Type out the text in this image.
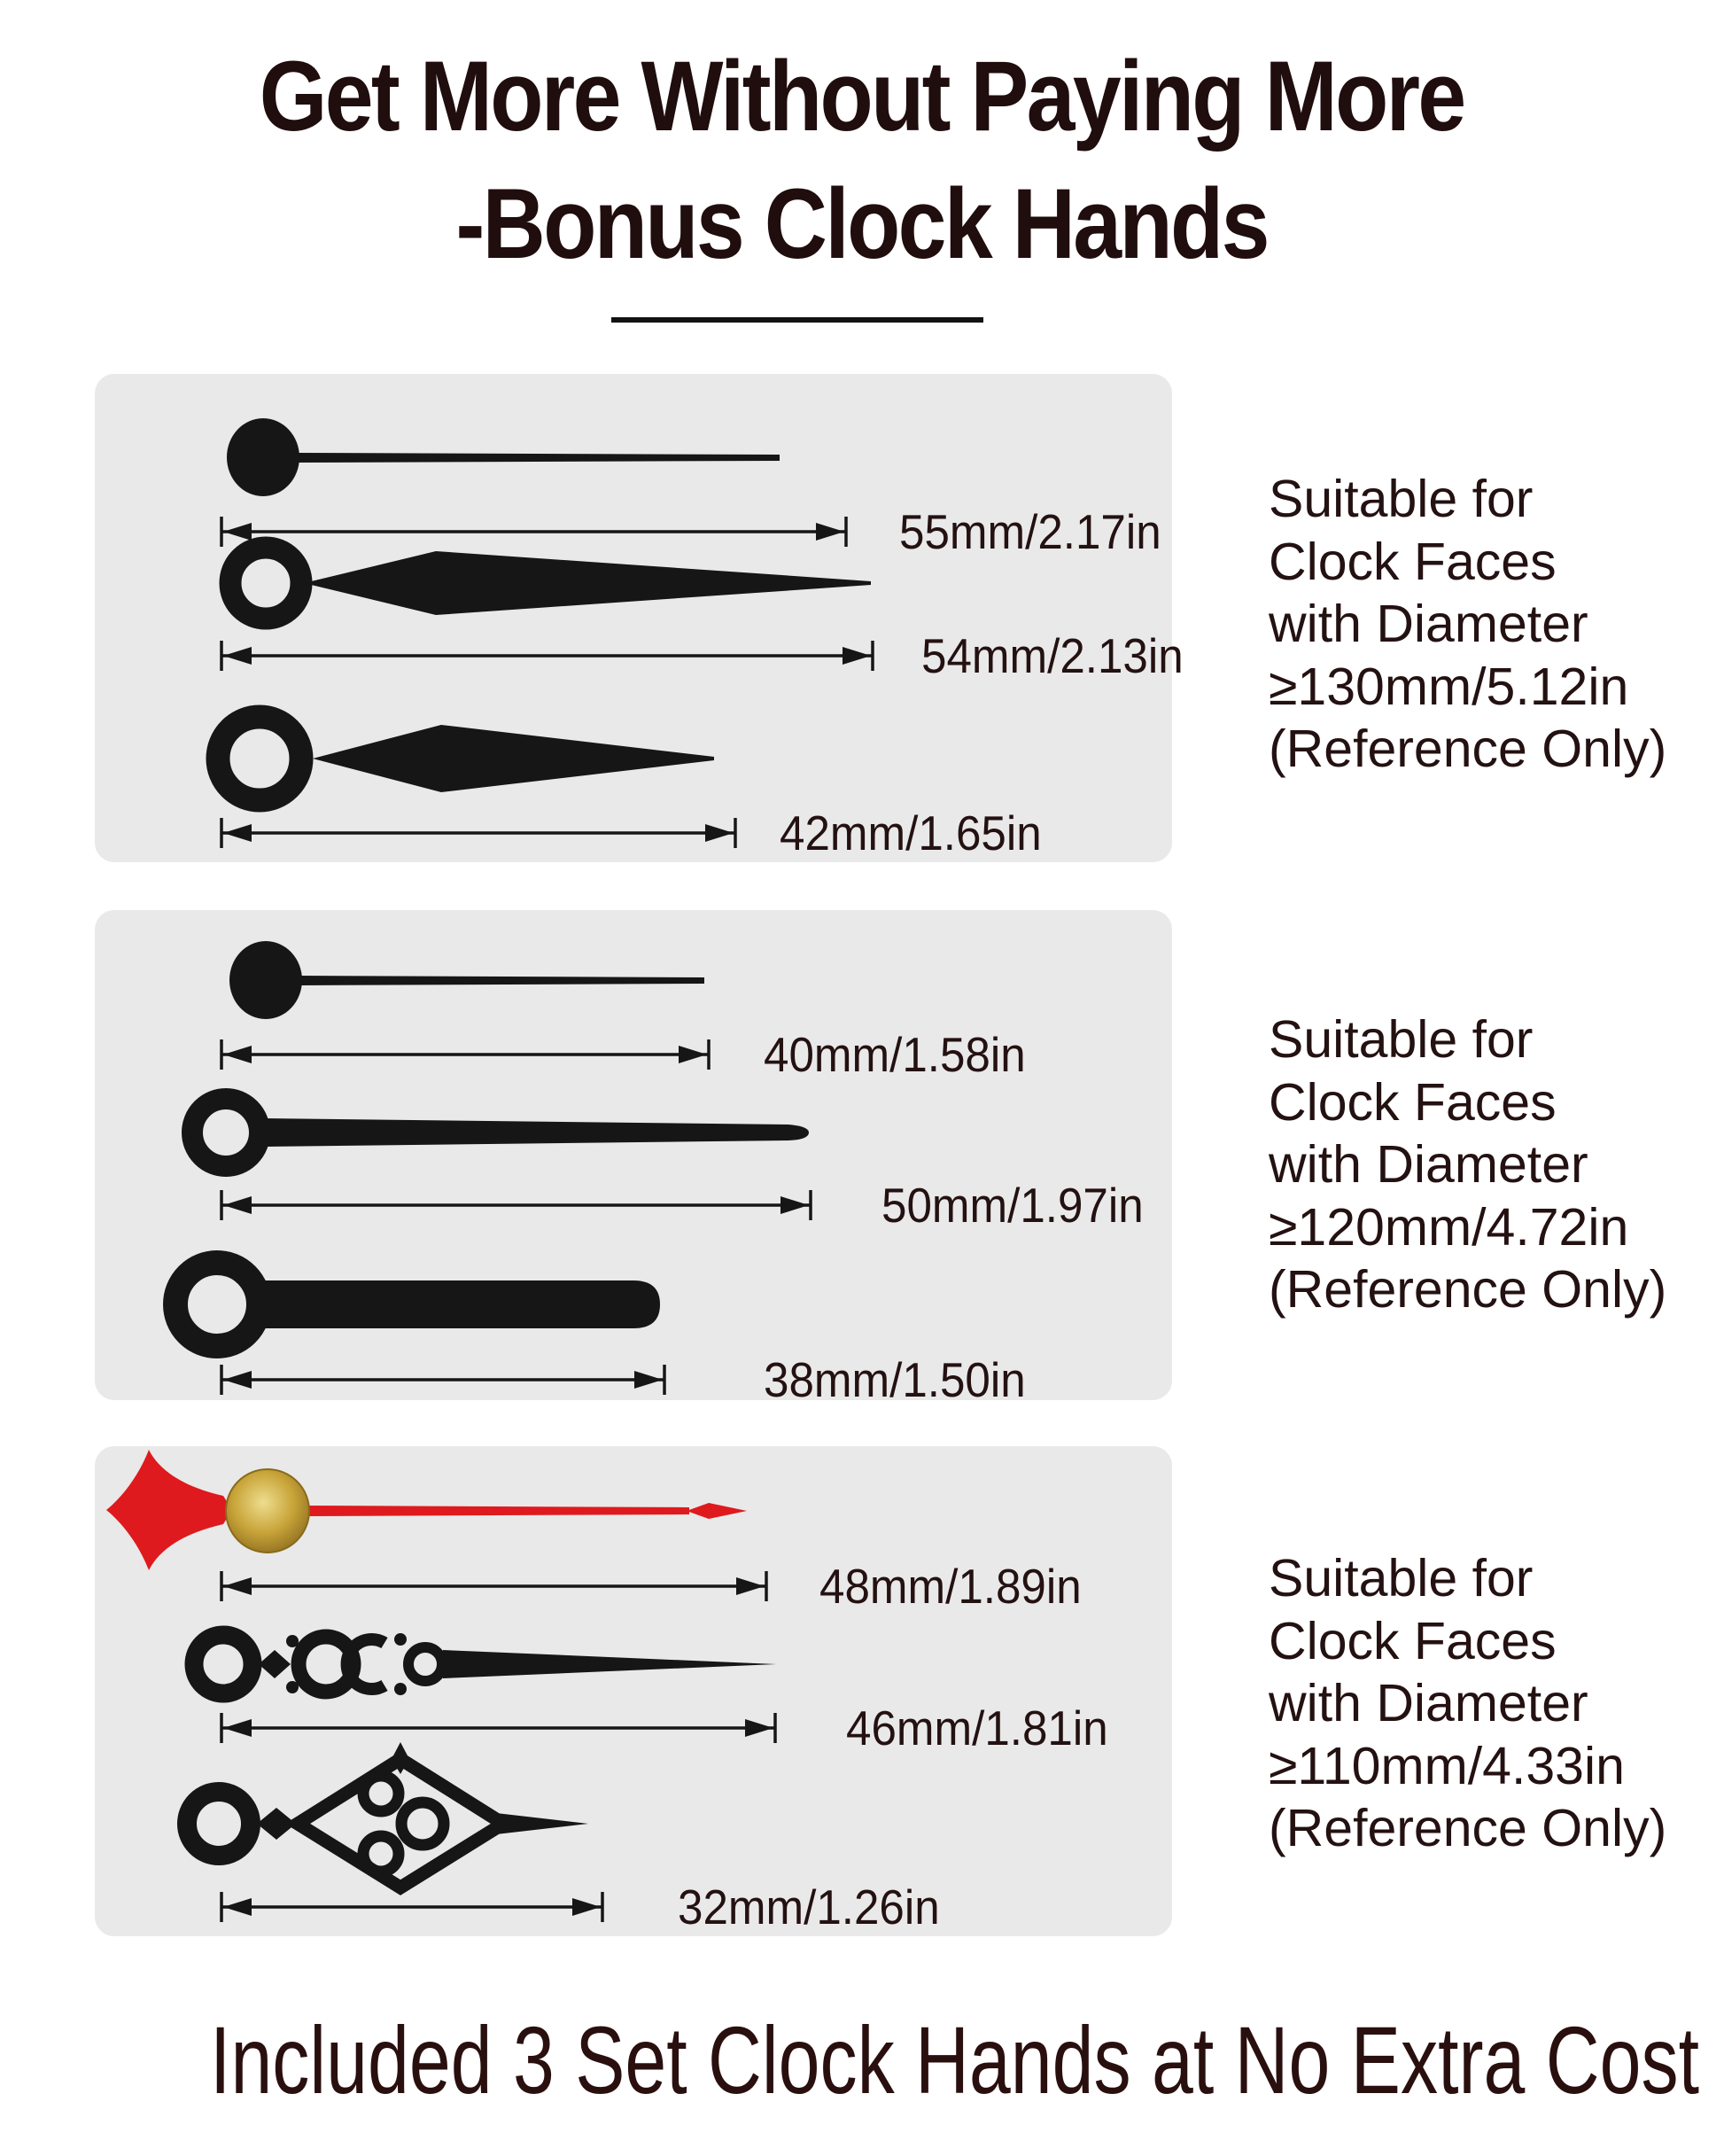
Get More Without Paying More
-Bonus Clock Hands
55mm/2.17in
54mm/2.13in
42mm/1.65in
40mm/1.58in
50mm/1.97in
38mm/1.50in
48mm/1.89in
46mm/1.81in
32mm/1.26in
Suitable for
Clock Faces
with Diameter
≥130mm/5.12in
(Reference Only)
Suitable for
Clock Faces
with Diameter
≥120mm/4.72in
(Reference Only)
Suitable for
Clock Faces
with Diameter
≥110mm/4.33in
(Reference Only)
Included 3 Set Clock Hands at No Extra Cost
